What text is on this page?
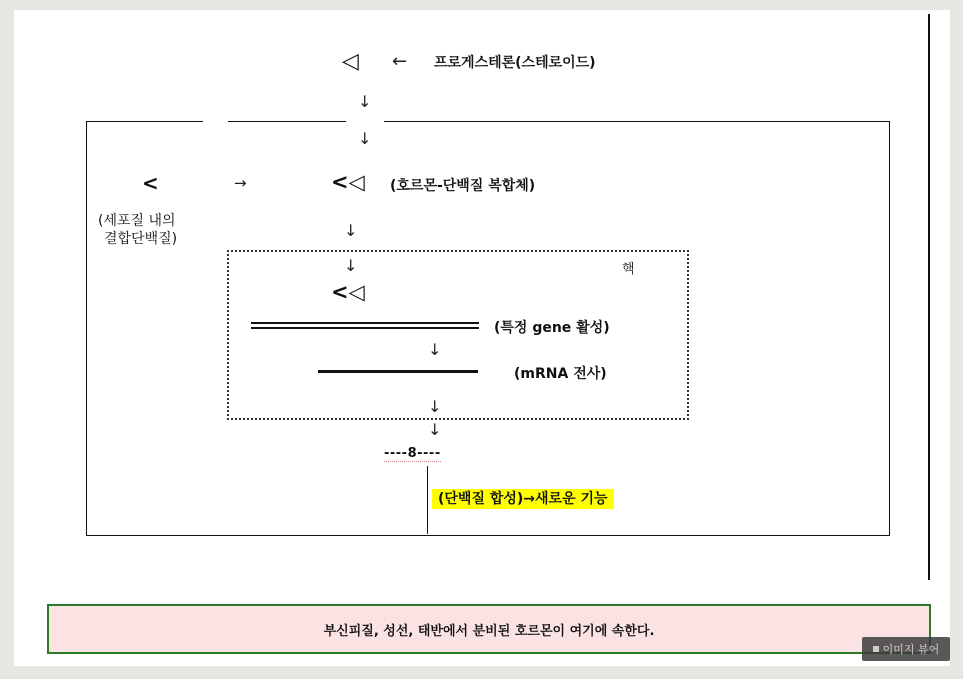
◁ ← 프로게스테론(스테로이드)
↓
↓
<	→	<◁ (호르몬-단백질 복합체)
(세포질 내의
결합단백질)	↓
핵
↓
<◁
(특정 gene 활성)
↓
(mRNA 전사)
↓
↓
----8----
(단백질 합성)→새로운 기능
부신피질, 성선, 태반에서 분비된 호르몬이 여기에 속한다.
이미지 뷰어
